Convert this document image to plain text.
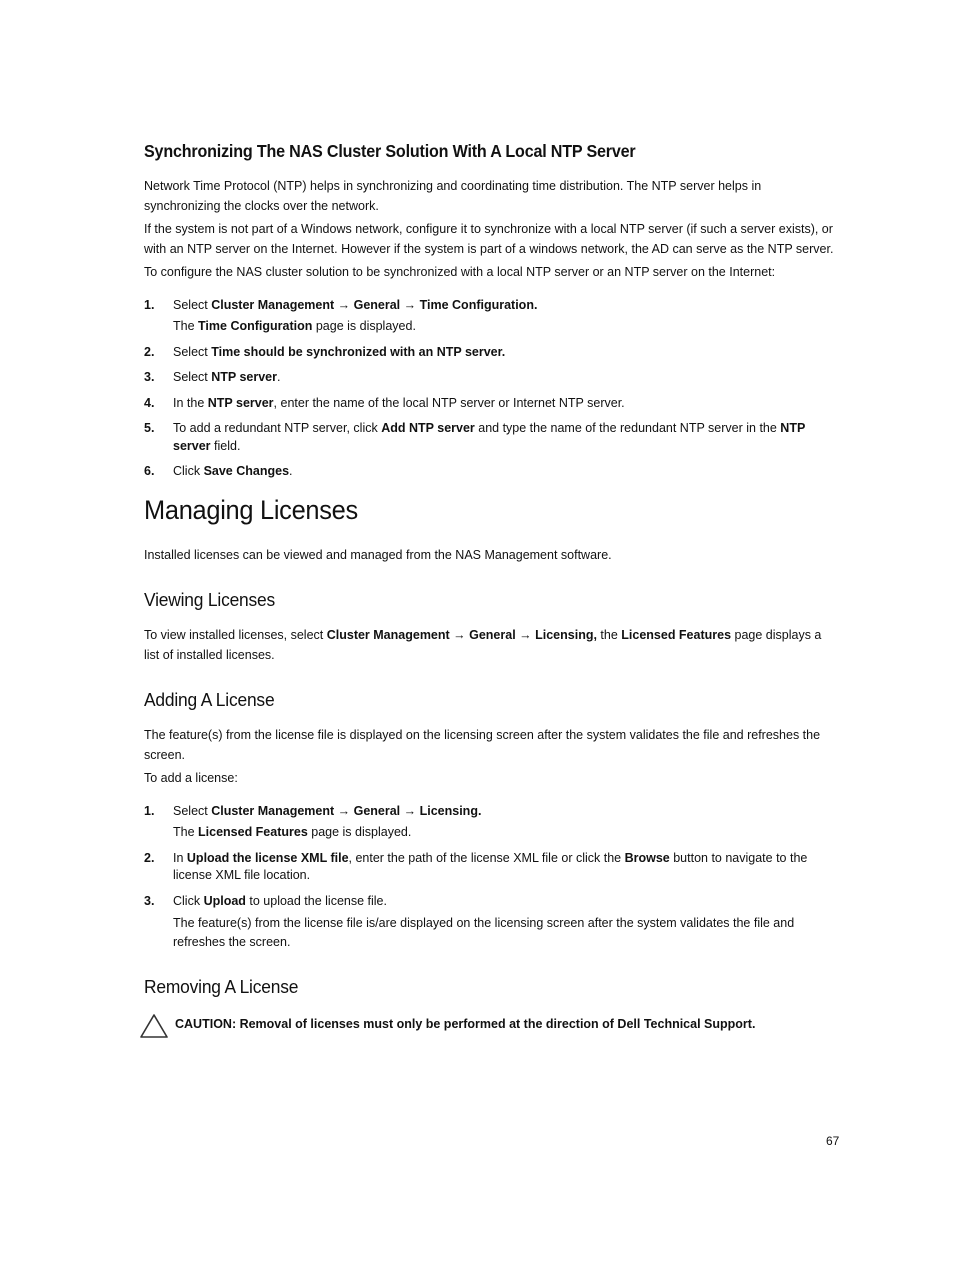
Synchronizing The NAS Cluster Solution With A Local NTP Server

Network Time Protocol (NTP) helps in synchronizing and coordinating time distribution. The NTP server helps in synchronizing the clocks over the network.

If the system is not part of a Windows network, configure it to synchronize with a local NTP server (if such a server exists), or with an NTP server on the Internet. However if the system is part of a windows network, the AD can serve as the NTP server.

To configure the NAS cluster solution to be synchronized with a local NTP server or an NTP server on the Internet:

1. Select Cluster Management → General → Time Configuration.
The Time Configuration page is displayed.
2. Select Time should be synchronized with an NTP server.
3. Select NTP server.
4. In the NTP server, enter the name of the local NTP server or Internet NTP server.
5. To add a redundant NTP server, click Add NTP server and type the name of the redundant NTP server in the NTP server field.
6. Click Save Changes.
Managing Licenses

Installed licenses can be viewed and managed from the NAS Management software.

Viewing Licenses

To view installed licenses, select Cluster Management → General → Licensing, the Licensed Features page displays a list of installed licenses.

Adding A License

The feature(s) from the license file is displayed on the licensing screen after the system validates the file and refreshes the screen.

To add a license:

1. Select Cluster Management → General → Licensing.
The Licensed Features page is displayed.
2. In Upload the license XML file, enter the path of the license XML file or click the Browse button to navigate to the license XML file location.
3. Click Upload to upload the license file.
The feature(s) from the license file is/are displayed on the licensing screen after the system validates the file and refreshes the screen.
Removing A License
CAUTION: Removal of licenses must only be performed at the direction of Dell Technical Support.
67
